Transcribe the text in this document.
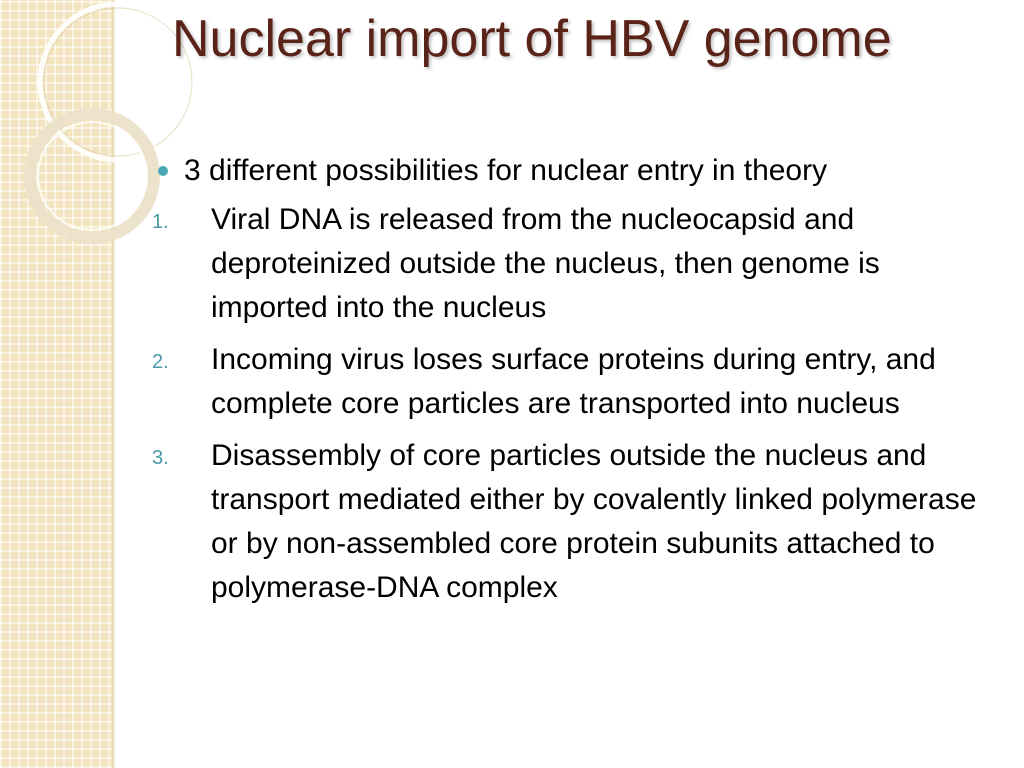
Nuclear import of HBV genome

3 different possibilities for nuclear entry in theory

1. Viral DNA is released from the nucleocapsid and deproteinized outside the nucleus, then genome is imported into the nucleus

2. Incoming virus loses surface proteins during entry, and complete core particles are transported into nucleus

3. Disassembly of core particles outside the nucleus and transport mediated either by covalently linked polymerase or by non-assembled core protein subunits attached to polymerase-DNA complex
